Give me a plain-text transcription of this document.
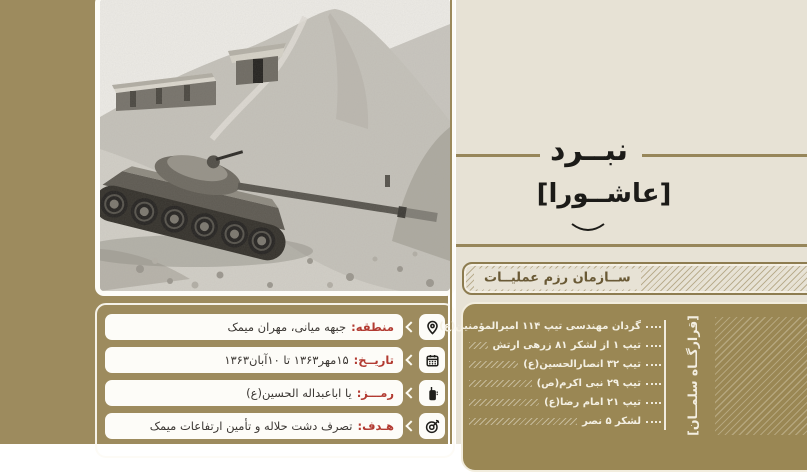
منطقه:
جبهه میانی، مهران میمک
تاریــخ:
۱۵مهر۱۳۶۳ تا ۱۰آبان۱۳۶۳
رمـــز:
یا اباعبداله الحسین(ع)
هـدف:
تصرف دشت حلاله و تأمین ارتفاعات میمک
نبــرد
[عاشــورا]
ســازمان رزم عملیــات
گردان مهندسی تیپ ۱۱۴ امیرالمؤمنین(ع)
تیپ ۱ از لشکر ۸۱ زرهی ارتش
تیپ ۳۲ انصارالحسین(ع)
تیپ ۲۹ نبی اکرم(ص)
تیپ ۲۱ امام رضا(ع)
لشکر ۵ نصر	[قرارگــاه سلمــان]
